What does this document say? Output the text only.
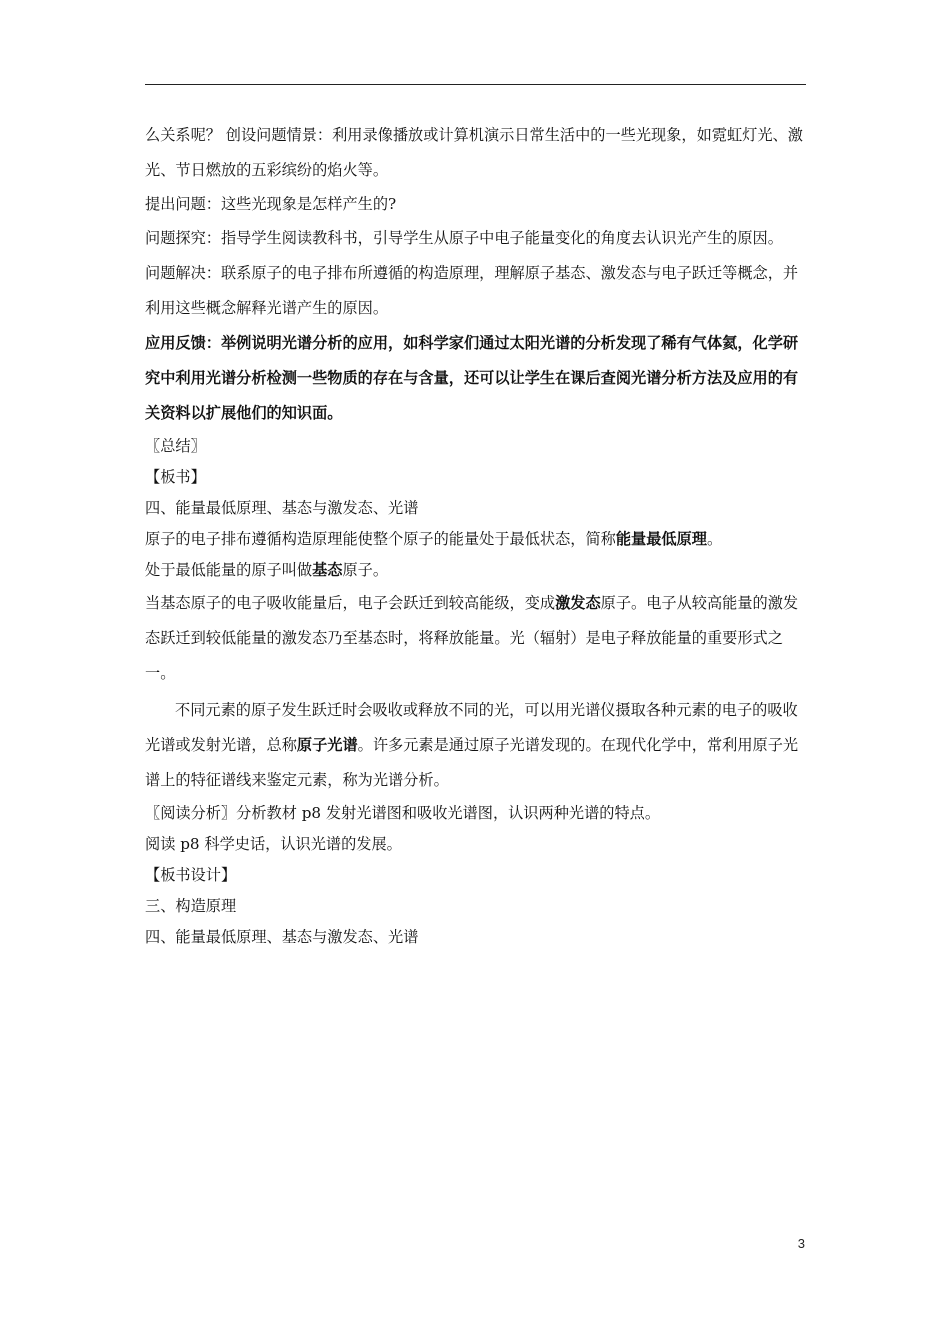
么关系呢？ 创设问题情景：利用录像播放或计算机演示日常生活中的一些光现象，如霓虹灯光、激光、节日燃放的五彩缤纷的焰火等。

提出问题：这些光现象是怎样产生的?

问题探究：指导学生阅读教科书，引导学生从原子中电子能量变化的角度去认识光产生的原因。

问题解决：联系原子的电子排布所遵循的构造原理，理解原子基态、激发态与电子跃迁等概念，并利用这些概念解释光谱产生的原因。

应用反馈：举例说明光谱分析的应用，如科学家们通过太阳光谱的分析发现了稀有气体氦，化学研究中利用光谱分析检测一些物质的存在与含量，还可以让学生在课后查阅光谱分析方法及应用的有关资料以扩展他们的知识面。

〖总结〗

【板书】

四、能量最低原理、基态与激发态、光谱

原子的电子排布遵循构造原理能使整个原子的能量处于最低状态，简称能量最低原理。

处于最低能量的原子叫做基态原子。

当基态原子的电子吸收能量后，电子会跃迁到较高能级，变成激发态原子。电子从较高能量的激发态跃迁到较低能量的激发态乃至基态时，将释放能量。光（辐射）是电子释放能量的重要形式之一。

不同元素的原子发生跃迁时会吸收或释放不同的光，可以用光谱仪摄取各种元素的电子的吸收光谱或发射光谱，总称原子光谱。许多元素是通过原子光谱发现的。在现代化学中，常利用原子光谱上的特征谱线来鉴定元素，称为光谱分析。

〖阅读分析〗分析教材 p8 发射光谱图和吸收光谱图，认识两种光谱的特点。

阅读 p8 科学史话，认识光谱的发展。

【板书设计】

三、构造原理

四、能量最低原理、基态与激发态、光谱

3
